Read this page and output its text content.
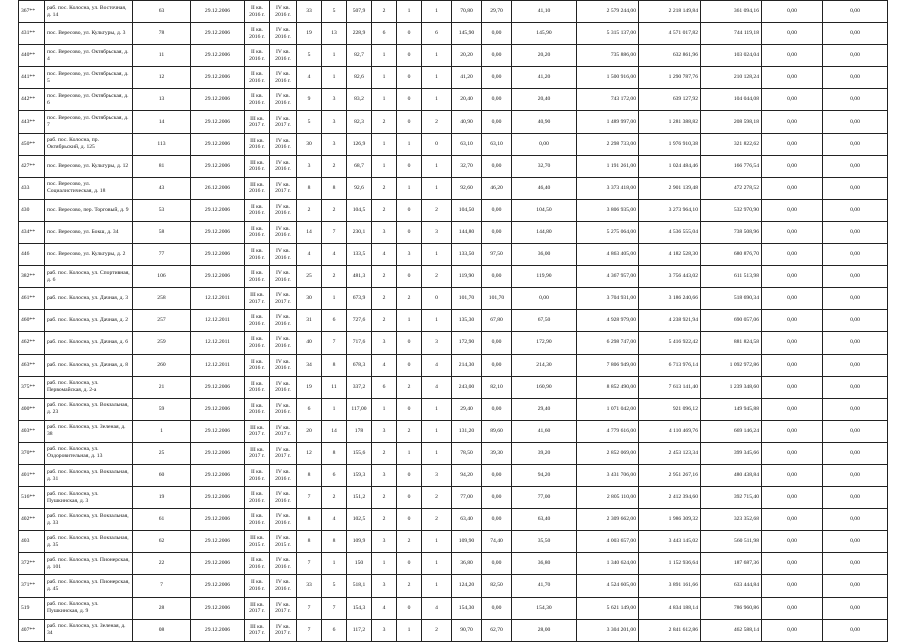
367**	раб. пос. Колосна, ул. Восточная, д. 14	63	29.12.2006	II кв. 2016 г.	IV кв. 2016 г.	33	5	507,9	2	1	1	70,80	29,70	41,10	2 579 244,00	2 218 149,84	361 094,16	0,00	0,00	
431**	пос. Вересово, ул. Культуры, д. 3	78	29.12.2006	II кв. 2016 г.	IV кв. 2016 г.	19	13	228,9	6	0	6	145,90	0,00	145,90	5 315 137,00	4 571 017,82	744 119,18	0,00	0,00	
440**	пос. Вересово, ул. Октябрьская, д. 4	11	29.12.2006	II кв. 2016 г.	IV кв. 2016 г.	5	1	82,7	1	0	1	20,20	0,00	20,20	735 886,00	632 861,96	103 024,04	0,00	0,00	
441**	пос. Вересово, ул. Октябрьская, д. 5	12	29.12.2006	II кв. 2016 г.	IV кв. 2016 г.	4	1	82,6	1	0	1	41,20	0,00	41,20	1 500 916,00	1 290 787,76	210 128,24	0,00	0,00	
442**	пос. Вересово, ул. Октябрьская, д. 6	13	29.12.2006	II кв. 2016 г.	IV кв. 2016 г.	9	3	83,2	1	0	1	20,40	0,00	20,40	743 172,00	639 127,92	104 044,08	0,00	0,00	
443**	пос. Вересово, ул. Октябрьская, д. 7	14	29.12.2006	III кв. 2017 г.	IV кв. 2017 г.	5	3	82,3	2	0	2	40,90	0,00	40,90	1 489 997,00	1 281 388,82	208 598,18	0,00	0,00	
450**	раб. пос. Колосна, пр. Октябрьский, д. 125	113	29.12.2006	III кв. 2016 г.	IV кв. 2016 г.	30	3	126,9	1	1	0	63,10	63,10	0,00	2 298 733,00	1 976 910,38	321 822,62	0,00	0,00	
427**	пос. Вересово, ул. Культуры, д. 12	81	29.12.2006	III кв. 2016 г.	IV кв. 2016 г.	3	2	68,7	1	0	1	32,70	0,00	32,70	1 191 261,00	1 024 484,46	166 776,54	0,00	0,00	
433	пос. Вересово, ул. Социалистическая, д. 18	43	26.12.2006	III кв. 2016 г.	IV кв. 2017 г.	8	8	92,6	2	1	1	92,60	46,20	46,40	3 373 418,00	2 901 139,48	472 278,52	0,00	0,00	
430	пос. Вересово, пер. Торговый, д. 9	53	29.12.2006	II кв. 2016 г.	IV кв. 2016 г.	2	2	104,5	2	0	2	104,50	0,00	104,50	3 806 935,00	3 273 964,10	532 970,90	0,00	0,00	
434**	пос. Вересово, ул. Бокш, д. 34	58	29.12.2006	II кв. 2016 г.	IV кв. 2016 г.	14	7	230,1	3	0	3	144,80	0,00	144,80	5 275 064,00	4 536 555,04	738 508,96	0,00	0,00	
446	пос. Вересово, ул. Культуры, д. 2	77	29.12.2006	II кв. 2016 г.	IV кв. 2016 г.	4	4	133,5	4	3	1	133,50	97,50	36,00	4 863 405,00	4 182 528,30	680 876,70	0,00	0,00	
382**	раб. пос. Колосна, ул. Спортивная, д. 6	106	29.12.2006	II кв. 2016 г.	IV кв. 2016 г.	25	2	481,3	2	0	2	119,90	0,00	119,90	4 367 957,00	3 756 443,02	611 513,98	0,00	0,00	
461**	раб. пос. Колосна, ул. Дачная, д. 3	258	12.12.2011	III кв. 2017 г.	IV кв. 2017 г.	30	1	673,9	2	2	0	101,70	101,70	0,00	3 704 931,00	3 186 240,66	518 690,34	0,00	0,00	
460**	раб. пос. Колосна, ул. Дачная, д. 2	257	12.12.2011	II кв. 2016 г.	IV кв. 2016 г.	31	6	727,6	2	1	1	135,30	67,80	67,50	4 928 979,00	4 238 921,94	690 057,06	0,00	0,00	
462**	раб. пос. Колосна, ул. Дачная, д. 6	259	12.12.2011	II кв. 2016 г.	IV кв. 2016 г.	40	7	717,6	3	0	3	172,90	0,00	172,90	6 298 747,00	5 416 922,42	881 824,58	0,00	0,00	
463**	раб. пос. Колосна, ул. Дачная, д. 8	260	12.12.2011	II кв. 2016 г.	IV кв. 2016 г.	34	8	678,3	4	0	4	214,30	0,00	214,30	7 806 949,00	6 713 976,14	1 092 972,86	0,00	0,00	
375**	раб. пос. Колосна, ул. Первомайская, д. 2-а	21	29.12.2006	II кв. 2016 г.	IV кв. 2016 г.	19	11	337,2	6	2	4	243,00	82,10	160,90	8 852 490,00	7 613 141,40	1 239 348,60	0,00	0,00	
400**	раб. пос. Колосна, ул. Вокзальная, д. 23	59	29.12.2006	II кв. 2016 г.	IV кв. 2016 г.	6	1	117,00	1	0	1	29,40	0,00	29,40	1 071 042,00	921 096,12	149 945,88	0,00	0,00	
403**	раб. пос. Колосна, ул. Зеленая, д. 38	1	29.12.2006	III кв. 2017 г.	IV кв. 2017 г.	20	14	178	3	2	1	131,20	89,60	41,60	4 779 616,00	4 110 469,76	669 146,24	0,00	0,00	
370**	раб. пос. Колосна, ул. Оздоровительная, д. 13	25	29.12.2006	III кв. 2017 г.	IV кв. 2017 г.	12	8	155,6	2	1	1	78,50	39,30	39,20	2 852 069,00	2 453 123,34	399 345,66	0,00	0,00	
401**	раб. пос. Колосна, ул. Вокзальная, д. 31	60	29.12.2006	II кв. 2016 г.	IV кв. 2016 г.	8	6	159,3	3	0	3	94,20	0,00	94,20	3 431 706,00	2 951 267,16	480 438,84	0,00	0,00	
516**	раб. пос. Колосна, ул. Пушкинская, д. 3	19	29.12.2006	II кв. 2016 г.	IV кв. 2016 г.	7	2	151,2	2	0	2	77,00	0,00	77,00	2 805 110,00	2 412 394,60	392 715,40	0,00	0,00	
402**	раб. пос. Колосна, ул. Вокзальная, д. 33	61	29.12.2006	II кв. 2016 г.	IV кв. 2016 г.	8	4	102,5	2	0	2	63,40	0,00	63,40	2 309 662,00	1 986 309,32	323 352,68	0,00	0,00	
403	раб. пос. Колосна, ул. Вокзальная, д. 35	62	29.12.2006	III кв. 2015 г.	IV кв. 2015 г.	8	8	109,9	3	2	1	109,90	74,40	35,50	4 003 657,00	3 443 145,02	560 511,98	0,00	0,00	
372**	раб. пос. Колосна, ул. Пионерская, д. 101	22	29.12.2006	II кв. 2016 г.	IV кв. 2016 г.	7	1	150	1	0	1	36,80	0,00	36,80	1 340 624,00	1 152 936,64	187 687,36	0,00	0,00	
371**	раб. пос. Колосна, ул. Пионерская, д. 45	7	29.12.2006	II кв. 2016 г.	IV кв. 2016 г.	33	5	518,1	3	2	1	124,20	82,50	41,70	4 524 605,00	3 891 161,66	633 444,84	0,00	0,00	
519	раб. пос. Колосна, ул. Пушкинская, д. 9	28	29.12.2006	III кв. 2017 г.	IV кв. 2017 г.	7	7	154,3	4	0	4	154,30	0,00	154,30	5 621 149,00	4 834 188,14	786 960,86	0,00	0,00	
407**	раб. пос. Колосна, ул. Зеленая, д. 34	08	29.12.2006	III кв. 2017 г.	IV кв. 2017 г.	7	6	117,2	3	1	2	90,70	62,70	28,00	3 304 201,00	2 841 612,86	462 588,14	0,00	0,00	
